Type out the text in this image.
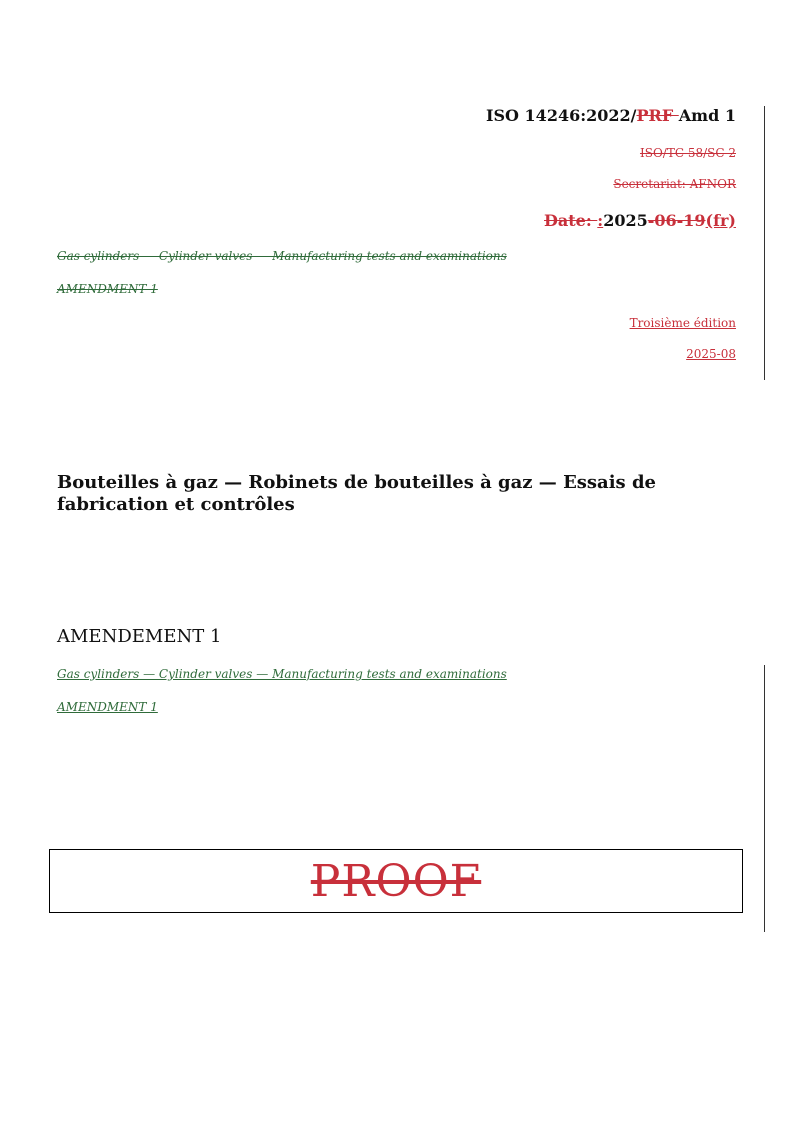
ISO 14246:2022/PRF Amd 1
ISO/TC 58/SC 2
Secretariat: AFNOR
Date: :2025-06-19(fr)
Gas cylinders — Cylinder valves — Manufacturing tests and examinations
AMENDMENT 1
Troisième édition
2025-08
Bouteilles à gaz — Robinets de bouteilles à gaz — Essais de fabrication et contrôles
AMENDEMENT 1
Gas cylinders — Cylinder valves — Manufacturing tests and examinations
AMENDMENT 1
PROOF
